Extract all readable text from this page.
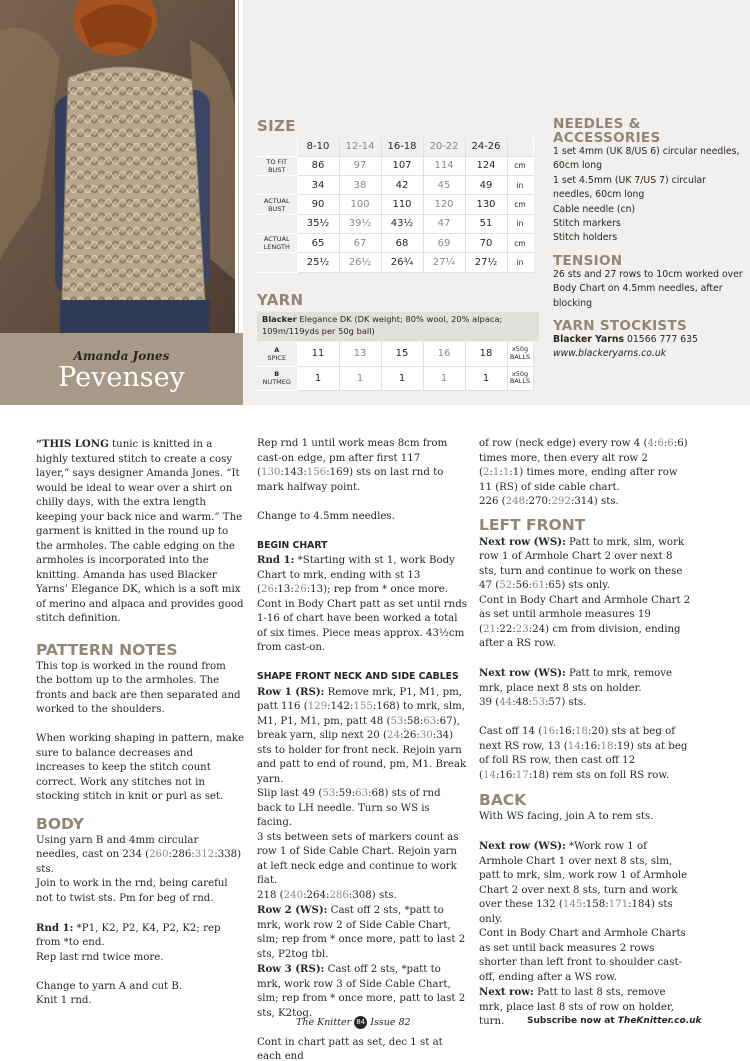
Amanda Jones
Pevensey
SIZE
	8-10	12-14	16-18	20-22	24-26	
TO FIT BUST	86	97	107	114	124	cm
	34	38	42	45	49	in
ACTUAL BUST	90	100	110	120	130	cm
	35½	39½	43½	47	51	in
ACTUAL LENGTH	65	67	68	69	70	cm
	25½	26½	26¾	27¼	27½	in
YARN
Blacker Elegance DK (DK weight; 80% wool, 20% alpaca; 109m/119yds per 50g ball)
A
SPICE	11	13	15	16	18	x50g BALLS
B
NUTMEG	1	1	1	1	1	x50g BALLS
NEEDLES & ACCESSORIES
1 set 4mm (UK 8/US 6) circular needles, 60cm long
1 set 4.5mm (UK 7/US 7) circular needles, 60cm long
Cable needle (cn)
Stitch markers
Stitch holders
TENSION
26 sts and 27 rows to 10cm worked over Body Chart on 4.5mm needles, after blocking
YARN STOCKISTS
Blacker Yarns 01566 777 635
www.blackeryarns.co.uk

“THIS LONG tunic is knitted in a highly textured stitch to create a cosy layer,” says designer Amanda Jones. “It would be ideal to wear over a shirt on chilly days, with the extra length keeping your back nice and warm.” The garment is knitted in the round up to the armholes. The cable edging on the armholes is incorporated into the knitting. Amanda has used Blacker Yarns’ Elegance DK, which is a soft mix of merino and alpaca and provides good stitch definition.

PATTERN NOTES

This top is worked in the round from the bottom up to the armholes. The fronts and back are then separated and worked to the shoulders.

When working shaping in pattern, make sure to balance decreases and increases to keep the stitch count correct. Work any stitches not in stocking stitch in knit or purl as set.

BODY

Using yarn B and 4mm circular needles, cast on 234 (260:286:312:338) sts.

Join to work in the rnd, being careful not to twist sts. Pm for beg of rnd.

Rnd 1: *P1, K2, P2, K4, P2, K2; rep from *to end.

Rep last rnd twice more.

Change to yarn A and cut B.

Knit 1 rnd.

Rep rnd 1 until work meas 8cm from cast-on edge, pm after first 117 (130:143:156:169) sts on last rnd to mark halfway point.

Change to 4.5mm needles.

BEGIN CHART

Rnd 1: *Starting with st 1, work Body Chart to mrk, ending with st 13 (26:13:26:13); rep from * once more.

Cont in Body Chart patt as set until rnds 1-16 of chart have been worked a total of six times. Piece meas approx. 43½cm from cast-on.

SHAPE FRONT NECK AND SIDE CABLES

Row 1 (RS): Remove mrk, P1, M1, pm, patt 116 (129:142:155:168) to mrk, slm, M1, P1, M1, pm, patt 48 (53:58:63:67), break yarn, slip next 20 (24:26:30:34) sts to holder for front neck. Rejoin yarn and patt to end of round, pm, M1. Break yarn.

Slip last 49 (53:59:63:68) sts of rnd back to LH needle. Turn so WS is facing.

3 sts between sets of markers count as row 1 of Side Cable Chart. Rejoin yarn at left neck edge and continue to work flat.

218 (240:264:286:308) sts.

Row 2 (WS): Cast off 2 sts, *patt to mrk, work row 2 of Side Cable Chart, slm; rep from * once more, patt to last 2 sts, P2tog tbl.

Row 3 (RS): Cast off 2 sts, *patt to mrk, work row 3 of Side Cable Chart, slm; rep from * once more, patt to last 2 sts, K2tog.

Cont in chart patt as set, dec 1 st at each end

of row (neck edge) every row 4 (4:6:6:6) times more, then every alt row 2 (2:1:1:1) times more, ending after row 11 (RS) of side cable chart.

226 (248:270:292:314) sts.

LEFT FRONT

Next row (WS): Patt to mrk, slm, work row 1 of Armhole Chart 2 over next 8 sts, turn and continue to work on these 47 (52:56:61:65) sts only.

Cont in Body Chart and Armhole Chart 2 as set until armhole measures 19 (21:22:23:24) cm from division, ending after a RS row.

Next row (WS): Patt to mrk, remove mrk, place next 8 sts on holder.

39 (44:48:53:57) sts.

Cast off 14 (16:16:18:20) sts at beg of next RS row, 13 (14:16:18:19) sts at beg of foll RS row, then cast off 12 (14:16:17:18) rem sts on foll RS row.

BACK

With WS facing, join A to rem sts.

Next row (WS): *Work row 1 of Armhole Chart 1 over next 8 sts, slm, patt to mrk, slm, work row 1 of Armhole Chart 2 over next 8 sts, turn and work over these 132 (145:158:171:184) sts only.

Cont in Body Chart and Armhole Charts as set until back measures 2 rows shorter than left front to shoulder cast-off, ending after a WS row.

Next row: Patt to last 8 sts, remove mrk, place last 8 sts of row on holder, turn.

The Knitter 84 Issue 82	Subscribe now at TheKnitter.co.uk
